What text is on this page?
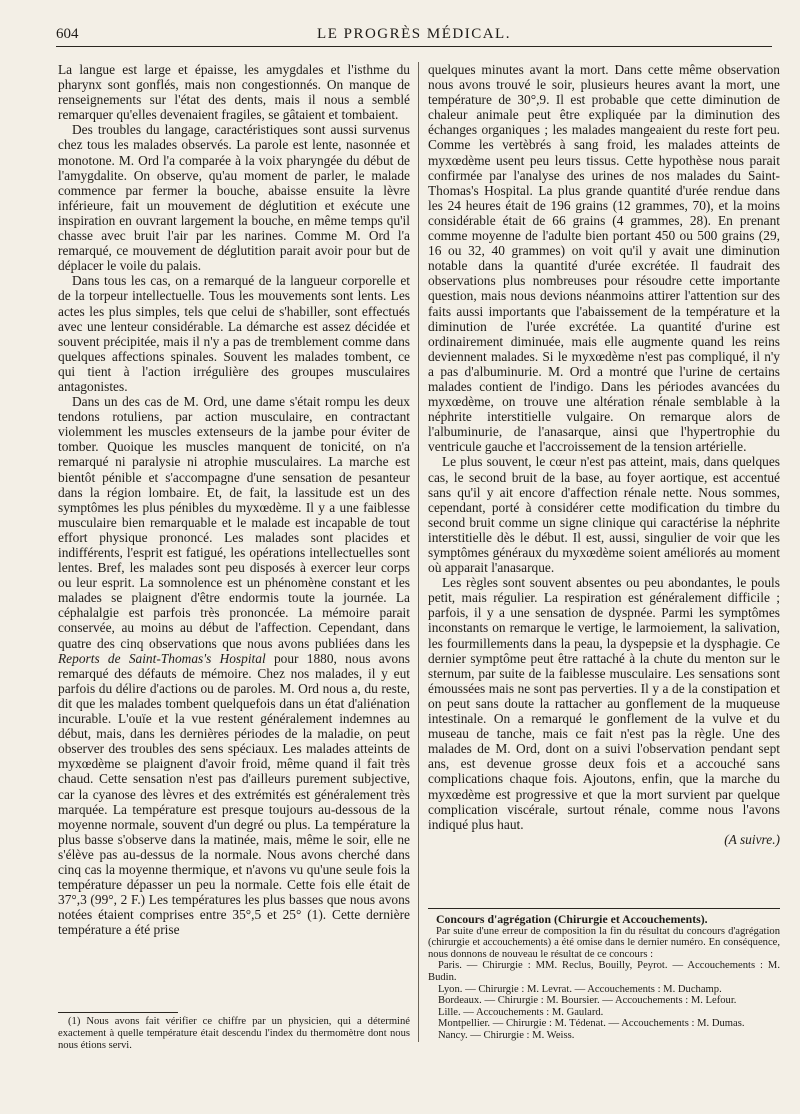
604	LE PROGRÈS MÉDICAL.

La langue est large et épaisse, les amygdales et l'isthme du pharynx sont gonflés, mais non congestionnés. On manque de renseignements sur l'état des dents, mais il nous a semblé remarquer qu'elles devenaient fragiles, se gâtaient et tombaient.

Des troubles du langage, caractéristiques sont aussi survenus chez tous les malades observés. La parole est lente, nasonnée et monotone. M. Ord l'a comparée à la voix pharyngée du début de l'amygdalite. On observe, qu'au moment de parler, le malade commence par fermer la bouche, abaisse ensuite la lèvre inférieure, fait un mouvement de déglutition et exécute une inspiration en ouvrant largement la bouche, en même temps qu'il chasse avec bruit l'air par les narines. Comme M. Ord l'a remarqué, ce mouvement de déglutition parait avoir pour but de déplacer le voile du palais.

Dans tous les cas, on a remarqué de la langueur corporelle et de la torpeur intellectuelle. Tous les mouvements sont lents. Les actes les plus simples, tels que celui de s'habiller, sont effectués avec une lenteur considérable. La démarche est assez décidée et souvent précipitée, mais il n'y a pas de tremblement comme dans quelques affections spinales. Souvent les malades tombent, ce qui tient à l'action irrégulière des groupes musculaires antagonistes.

Dans un des cas de M. Ord, une dame s'était rompu les deux tendons rotuliens, par action musculaire, en contractant violemment les muscles extenseurs de la jambe pour éviter de tomber. Quoique les muscles manquent de tonicité, on n'a remarqué ni paralysie ni atrophie musculaires. La marche est bientôt pénible et s'accompagne d'une sensation de pesanteur dans la région lombaire. Et, de fait, la lassitude est un des symptômes les plus pénibles du myxœdème. Il y a une faiblesse musculaire bien remarquable et le malade est incapable de tout effort physique prononcé. Les malades sont placides et indifférents, l'esprit est fatigué, les opérations intellectuelles sont lentes. Bref, les malades sont peu disposés à exercer leur corps ou leur esprit. La somnolence est un phénomène constant et les malades se plaignent d'être endormis toute la journée. La céphalalgie est parfois très prononcée. La mémoire parait conservée, au moins au début de l'affection. Cependant, dans quatre des cinq observations que nous avons publiées dans les Reports de Saint-Thomas's Hospital pour 1880, nous avons remarqué des défauts de mémoire. Chez nos malades, il y eut parfois du délire d'actions ou de paroles. M. Ord nous a, du reste, dit que les malades tombent quelquefois dans un état d'aliénation incurable. L'ouïe et la vue restent généralement indemnes au début, mais, dans les dernières périodes de la maladie, on peut observer des troubles des sens spéciaux. Les malades atteints de myxœdème se plaignent d'avoir froid, même quand il fait très chaud. Cette sensation n'est pas d'ailleurs purement subjective, car la cyanose des lèvres et des extrémités est généralement très marquée. La température est presque toujours au-dessous de la moyenne normale, souvent d'un degré ou plus. La température la plus basse s'observe dans la matinée, mais, même le soir, elle ne s'élève pas au-dessus de la normale. Nous avons cherché dans cinq cas la moyenne thermique, et n'avons vu qu'une seule fois la température dépasser un peu la normale. Cette fois elle était de 37°,3 (99°, 2 F.) Les températures les plus basses que nous avons notées étaient comprises entre 35°,5 et 25° (1). Cette dernière température a été prise

(1) Nous avons fait vérifier ce chiffre par un physicien, qui a déterminé exactement à quelle température était descendu l'index du thermomètre dont nous nous étions servi.

quelques minutes avant la mort. Dans cette même observation nous avons trouvé le soir, plusieurs heures avant la mort, une température de 30°,9. Il est probable que cette diminution de chaleur animale peut être expliquée par la diminution des échanges organiques ; les malades mangeaient du reste fort peu. Comme les vertèbrés à sang froid, les malades atteints de myxœdème usent peu leurs tissus. Cette hypothèse nous parait confirmée par l'analyse des urines de nos malades du Saint-Thomas's Hospital. La plus grande quantité d'urée rendue dans les 24 heures était de 196 grains (12 grammes, 70), et la moins considérable était de 66 grains (4 grammes, 28). En prenant comme moyenne de l'adulte bien portant 450 ou 500 grains (29, 16 ou 32, 40 grammes) on voit qu'il y avait une diminution notable dans la quantité d'urée excrétée. Il faudrait des observations plus nombreuses pour résoudre cette importante question, mais nous devions néanmoins attirer l'attention sur des faits aussi importants que l'abaissement de la température et la diminution de l'urée excrétée. La quantité d'urine est ordinairement diminuée, mais elle augmente quand les reins deviennent malades. Si le myxœdème n'est pas compliqué, il n'y a pas d'albuminurie. M. Ord a montré que l'urine de certains malades contient de l'indigo. Dans les périodes avancées du myxœdème, on trouve une altération rénale semblable à la néphrite interstitielle vulgaire. On remarque alors de l'albuminurie, de l'anasarque, ainsi que l'hypertrophie du ventricule gauche et l'accroissement de la tension artérielle.

Le plus souvent, le cœur n'est pas atteint, mais, dans quelques cas, le second bruit de la base, au foyer aortique, est accentué sans qu'il y ait encore d'affection rénale nette. Nous sommes, cependant, porté à considérer cette modification du timbre du second bruit comme un signe clinique qui caractérise la néphrite interstitielle dès le début. Il est, aussi, singulier de voir que les symptômes généraux du myxœdème soient améliorés au moment où apparait l'anasarque.

Les règles sont souvent absentes ou peu abondantes, le pouls petit, mais régulier. La respiration est généralement difficile ; parfois, il y a une sensation de dyspnée. Parmi les symptômes inconstants on remarque le vertige, le larmoiement, la salivation, les fourmillements dans la peau, la dyspepsie et la dysphagie. Ce dernier symptôme peut être rattaché à la chute du menton sur le sternum, par suite de la faiblesse musculaire. Les sensations sont émoussées mais ne sont pas perverties. Il y a de la constipation et on peut sans doute la rattacher au gonflement de la muqueuse intestinale. On a remarqué le gonflement de la vulve et du museau de tanche, mais ce fait n'est pas la règle. Une des malades de M. Ord, dont on a suivi l'observation pendant sept ans, est devenue grosse deux fois et a accouché sans complications chaque fois. Ajoutons, enfin, que la marche du myxœdème est progressive et que la mort survient par quelque complication viscérale, surtout rénale, comme nous l'avons indiqué plus haut.

(A suivre.)

Concours d'agrégation (Chirurgie et Accouchements).

Par suite d'une erreur de composition la fin du résultat du concours d'agrégation (chirurgie et accouchements) a été omise dans le dernier numéro. En conséquence, nous donnons de nouveau le résultat de ce concours :

Paris. — Chirurgie : MM. Reclus, Bouilly, Peyrot. — Accouchements : M. Budin.

Lyon. — Chirurgie : M. Levrat. — Accouchements : M. Duchamp.

Bordeaux. — Chirurgie : M. Boursier. — Accouchements : M. Lefour.

Lille. — Accouchements : M. Gaulard.

Montpellier. — Chirurgie : M. Tédenat. — Accouchements : M. Dumas.

Nancy. — Chirurgie : M. Weiss.
